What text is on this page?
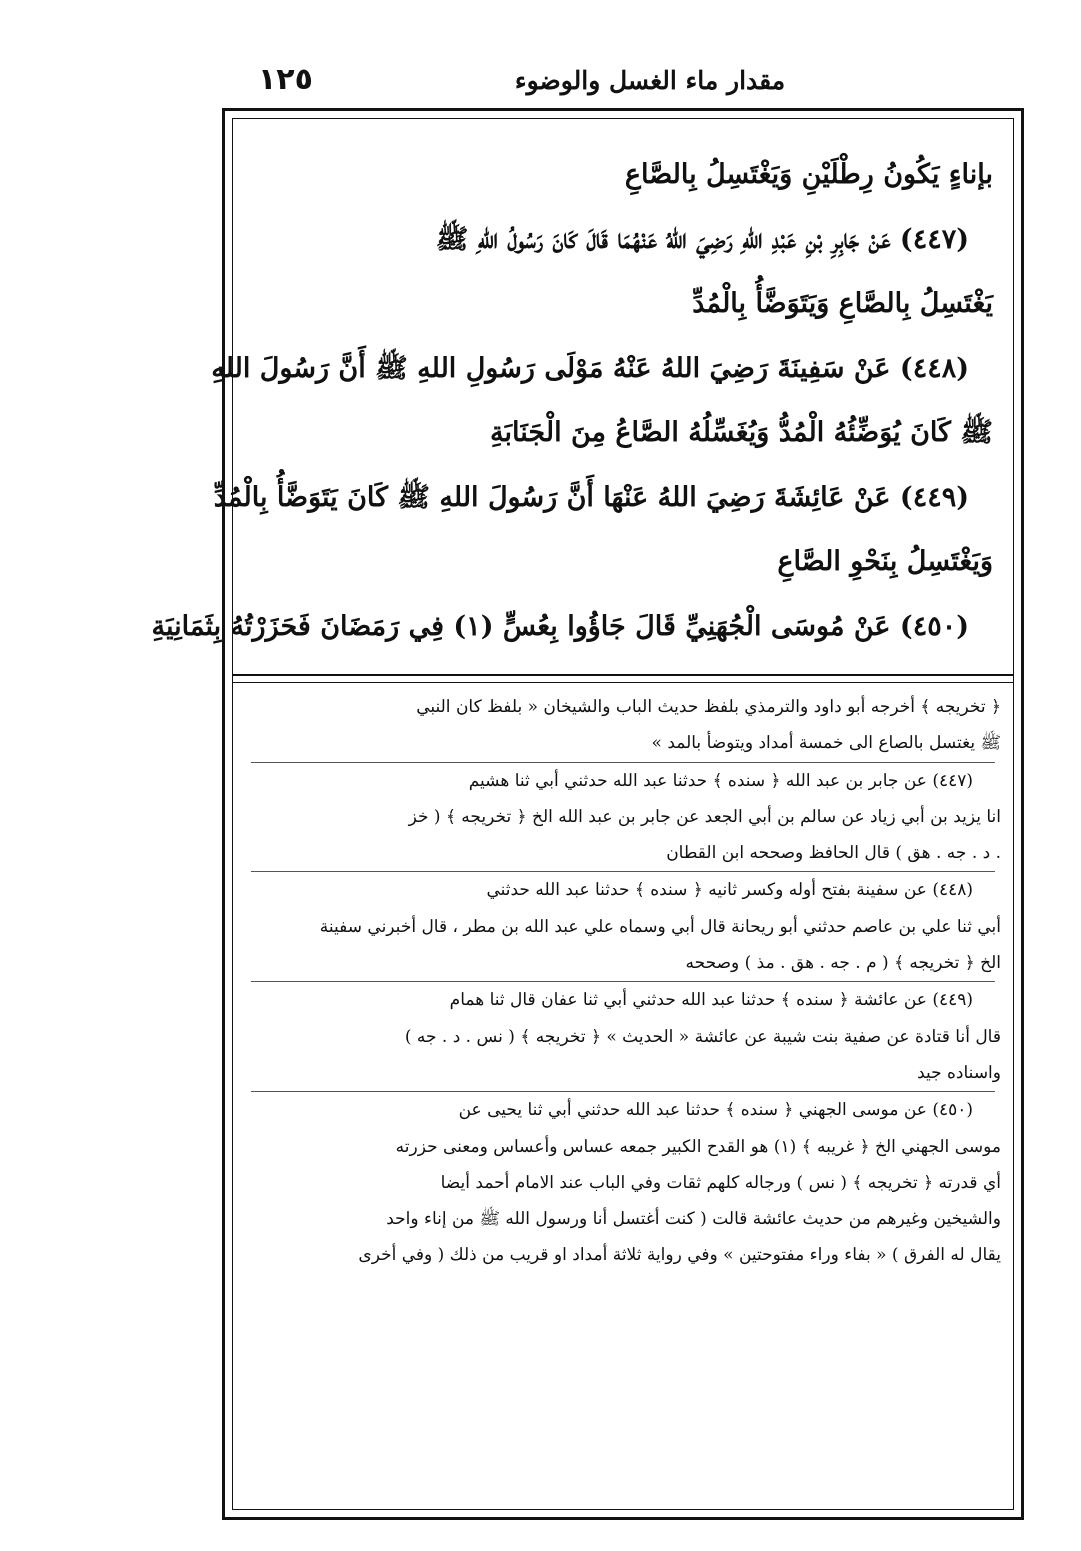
١٢٥	مقدار ماء الغسل والوضوء
بإناءٍ يَكُونُ رِطْلَيْنِ وَيَغْتَسِلُ بِالصَّاعِ
(٤٤٧) عَنْ جَابِرِ بْنِ عَبْدِ اللهِ رَضِيَ اللهُ عَنْهُمَا قَالَ كَانَ رَسُولُ اللهِ ﷺ
يَغْتَسِلُ بِالصَّاعِ وَيَتَوَضَّأُ بِالْمُدِّ
(٤٤٨) عَنْ سَفِينَةَ رَضِيَ اللهُ عَنْهُ مَوْلَى رَسُولِ اللهِ ﷺ أَنَّ رَسُولَ اللهِ
ﷺ كَانَ يُوَضِّئُهُ الْمُدُّ وَيُغَسِّلُهُ الصَّاعُ مِنَ الْجَنَابَةِ
(٤٤٩) عَنْ عَائِشَةَ رَضِيَ اللهُ عَنْهَا أَنَّ رَسُولَ اللهِ ﷺ كَانَ يَتَوَضَّأُ بِالْمُدِّ
وَيَغْتَسِلُ بِنَحْوِ الصَّاعِ
(٤٥٠) عَنْ مُوسَى الْجُهَنِيِّ قَالَ جَاؤُوا بِعُسٍّ (١) فِي رَمَضَانَ فَحَزَرْتُهُ بِثَمَانِيَةِ
﴿ تخريجه ﴾ أخرجه أبو داود والترمذي بلفظ حديث الباب والشيخان « بلفظ كان النبي
ﷺ يغتسل بالصاع الى خمسة أمداد ويتوضأ بالمد »
(٤٤٧) عن جابر بن عبد الله ﴿ سنده ﴾ حدثنا عبد الله حدثني أبي ثنا هشيم
انا يزيد بن أبي زياد عن سالم بن أبي الجعد عن جابر بن عبد الله الخ ﴿ تخريجه ﴾ ( خز
. د . جه . هق ) قال الحافظ وصححه ابن القطان
(٤٤٨) عن سفينة بفتح أوله وكسر ثانيه ﴿ سنده ﴾ حدثنا عبد الله حدثني
أبي ثنا علي بن عاصم حدثني أبو ريحانة قال أبي وسماه علي عبد الله بن مطر ، قال أخبرني سفينة
الخ ﴿ تخريجه ﴾ ( م . جه . هق . مذ ) وصححه
(٤٤٩) عن عائشة ﴿ سنده ﴾ حدثنا عبد الله حدثني أبي ثنا عفان قال ثنا همام
قال أنا قتادة عن صفية بنت شيبة عن عائشة « الحديث » ﴿ تخريجه ﴾ ( نس . د . جه )
واسناده جيد
(٤٥٠) عن موسى الجهني ﴿ سنده ﴾ حدثنا عبد الله حدثني أبي ثنا يحيى عن
موسى الجهني الخ ﴿ غريبه ﴾ (١) هو القدح الكبير جمعه عساس وأعساس ومعنى حزرته
أي قدرته ﴿ تخريجه ﴾ ( نس ) ورجاله كلهم ثقات وفي الباب عند الامام أحمد أيضا
والشيخين وغيرهم من حديث عائشة قالت ( كنت أغتسل أنا ورسول الله ﷺ من إناء واحد
يقال له الفرق ) « بفاء وراء مفتوحتين » وفي رواية ثلاثة أمداد او قريب من ذلك ( وفي أخرى
